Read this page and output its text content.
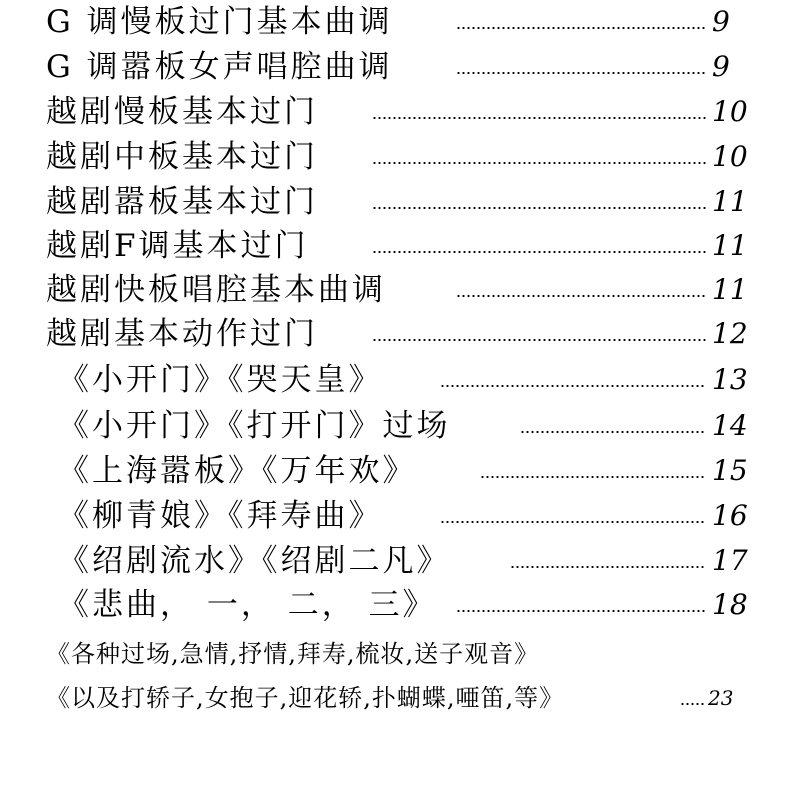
G 调慢板过门基本曲调	9
G 调嚣板女声唱腔曲调	9
越剧慢板基本过门	10
越剧中板基本过门	10
越剧嚣板基本过门	11
越剧F调基本过门	11
越剧快板唱腔基本曲调	11
越剧基本动作过门	12
《小开门》《哭天皇》	13
《小开门》《打开门》过场	14
《上海嚣板》《万年欢》	15
《柳青娘》《拜寿曲》	16
《绍剧流水》《绍剧二凡》	17
《悲曲， 一， 二， 三》	18
《各种过场,急情,抒情,拜寿,梳妆,送子观音》
《以及打轿子,女抱子,迎花轿,扑蝴蝶,唖笛,等》	23
